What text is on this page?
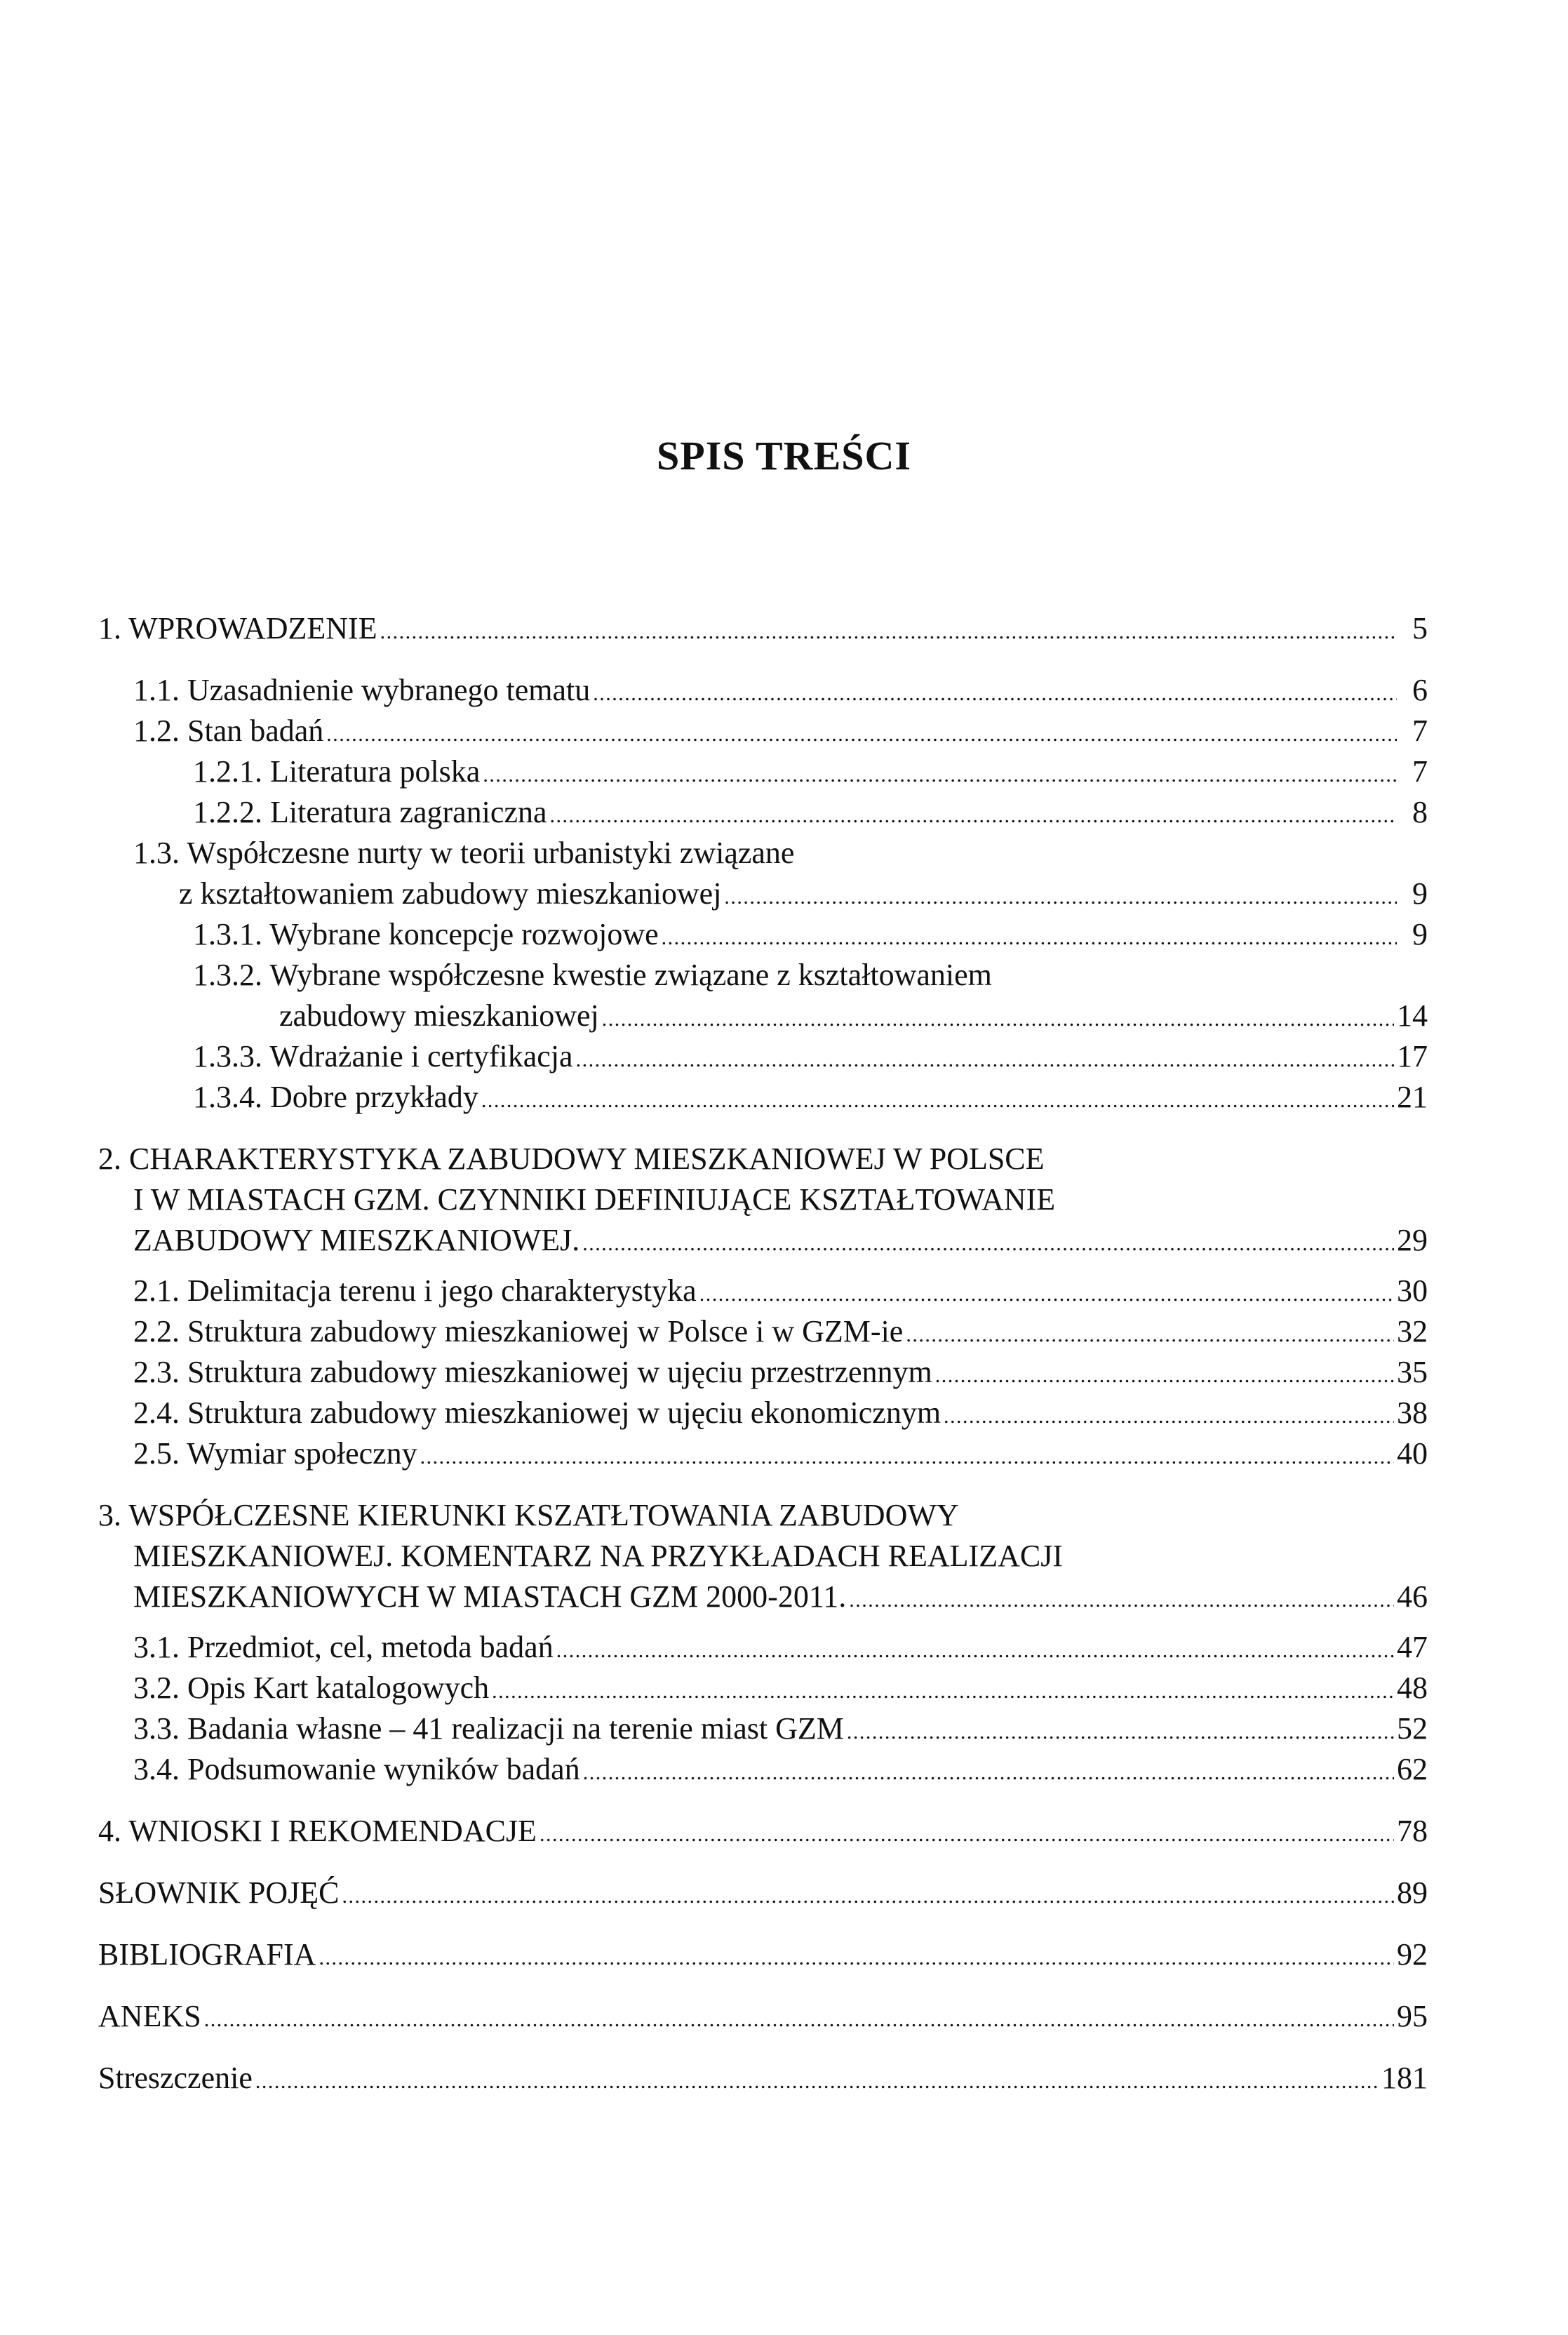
SPIS TREŚCI
1. WPROWADZENIE . . .	5
1.1. Uzasadnienie wybranego tematu . . .	6
1.2. Stan badań . . .	7
1.2.1. Literatura polska . . .	7
1.2.2. Literatura zagraniczna . . .	8
1.3. Współczesne nurty w teorii urbanistyki związane
z kształtowaniem zabudowy mieszkaniowej . . .	9
1.3.1. Wybrane koncepcje rozwojowe . . .	9
1.3.2. Wybrane współczesne kwestie związane z kształtowaniem
zabudowy mieszkaniowej . . .	14
1.3.3. Wdrażanie i certyfikacja . . .	17
1.3.4. Dobre przykłady . . .	21
2. CHARAKTERYSTYKA ZABUDOWY MIESZKANIOWEJ W POLSCE
I W MIASTACH GZM. CZYNNIKI DEFINIUJĄCE KSZTAŁTOWANIE
ZABUDOWY MIESZKANIOWEJ. . . .	29
2.1. Delimitacja terenu i jego charakterystyka . . .	30
2.2. Struktura zabudowy mieszkaniowej w Polsce i w GZM-ie . . .	32
2.3. Struktura zabudowy mieszkaniowej w ujęciu przestrzennym . . .	35
2.4. Struktura zabudowy mieszkaniowej w ujęciu ekonomicznym . . .	38
2.5. Wymiar społeczny . . .	40
3. WSPÓŁCZESNE KIERUNKI KSZATŁTOWANIA ZABUDOWY
MIESZKANIOWEJ. KOMENTARZ NA PRZYKŁADACH REALIZACJI
MIESZKANIOWYCH W MIASTACH GZM 2000-2011. . . .	46
3.1. Przedmiot, cel, metoda badań . . .	47
3.2. Opis Kart katalogowych . . .	48
3.3. Badania własne – 41 realizacji na terenie miast GZM . . .	52
3.4. Podsumowanie wyników badań . . .	62
4. WNIOSKI I REKOMENDACJE . . .	78
SŁOWNIK POJĘĆ . . .	89
BIBLIOGRAFIA . . .	92
ANEKS . . .	95
Streszczenie . . .	181
